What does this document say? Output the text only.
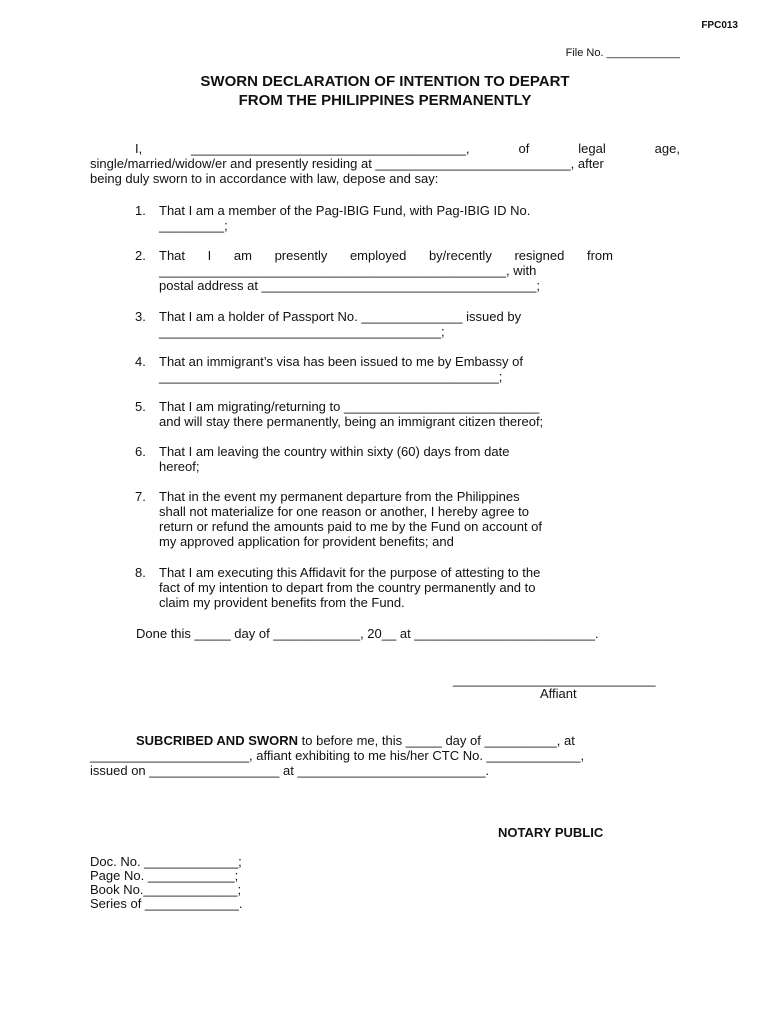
FPC013
File No. ____________
SWORN DECLARATION OF INTENTION TO DEPART
FROM THE PHILIPPINES PERMANENTLY
I,	______________________________________,	of	legal	age,
single/married/widow/er and presently residing at ___________________________, after
being duly sworn to in accordance with law, depose and say:
1. That I am a member of the Pag-IBIG Fund, with Pag-IBIG ID No.
_________;
2. That I am presently employed by/recently resigned from
________________________________________________, with
postal address at ______________________________________;
3. That I am a holder of Passport No. ______________ issued by
_______________________________________;
4. That an immigrant’s visa has been issued to me by Embassy of
_______________________________________________;
5. That I am migrating/returning to ___________________________
and will stay there permanently, being an immigrant citizen thereof;
6. That I am leaving the country within sixty (60) days from date
hereof;
7. That in the event my permanent departure from the Philippines
shall not materialize for one reason or another, I hereby agree to
return or refund the amounts paid to me by the Fund on account of
my approved application for provident benefits; and
8. That I am executing this Affidavit for the purpose of attesting to the
fact of my intention to depart from the country permanently and to
claim my provident benefits from the Fund.
Done this _____ day of ____________, 20__ at _________________________.
____________________________
Affiant
SUBCRIBED AND SWORN to before me, this _____ day of __________, at
______________________, affiant exhibiting to me his/her CTC No. _____________,
issued on __________________ at __________________________.
NOTARY PUBLIC
Doc. No. _____________;
Page No. ____________;
Book No._____________;
Series of _____________.
